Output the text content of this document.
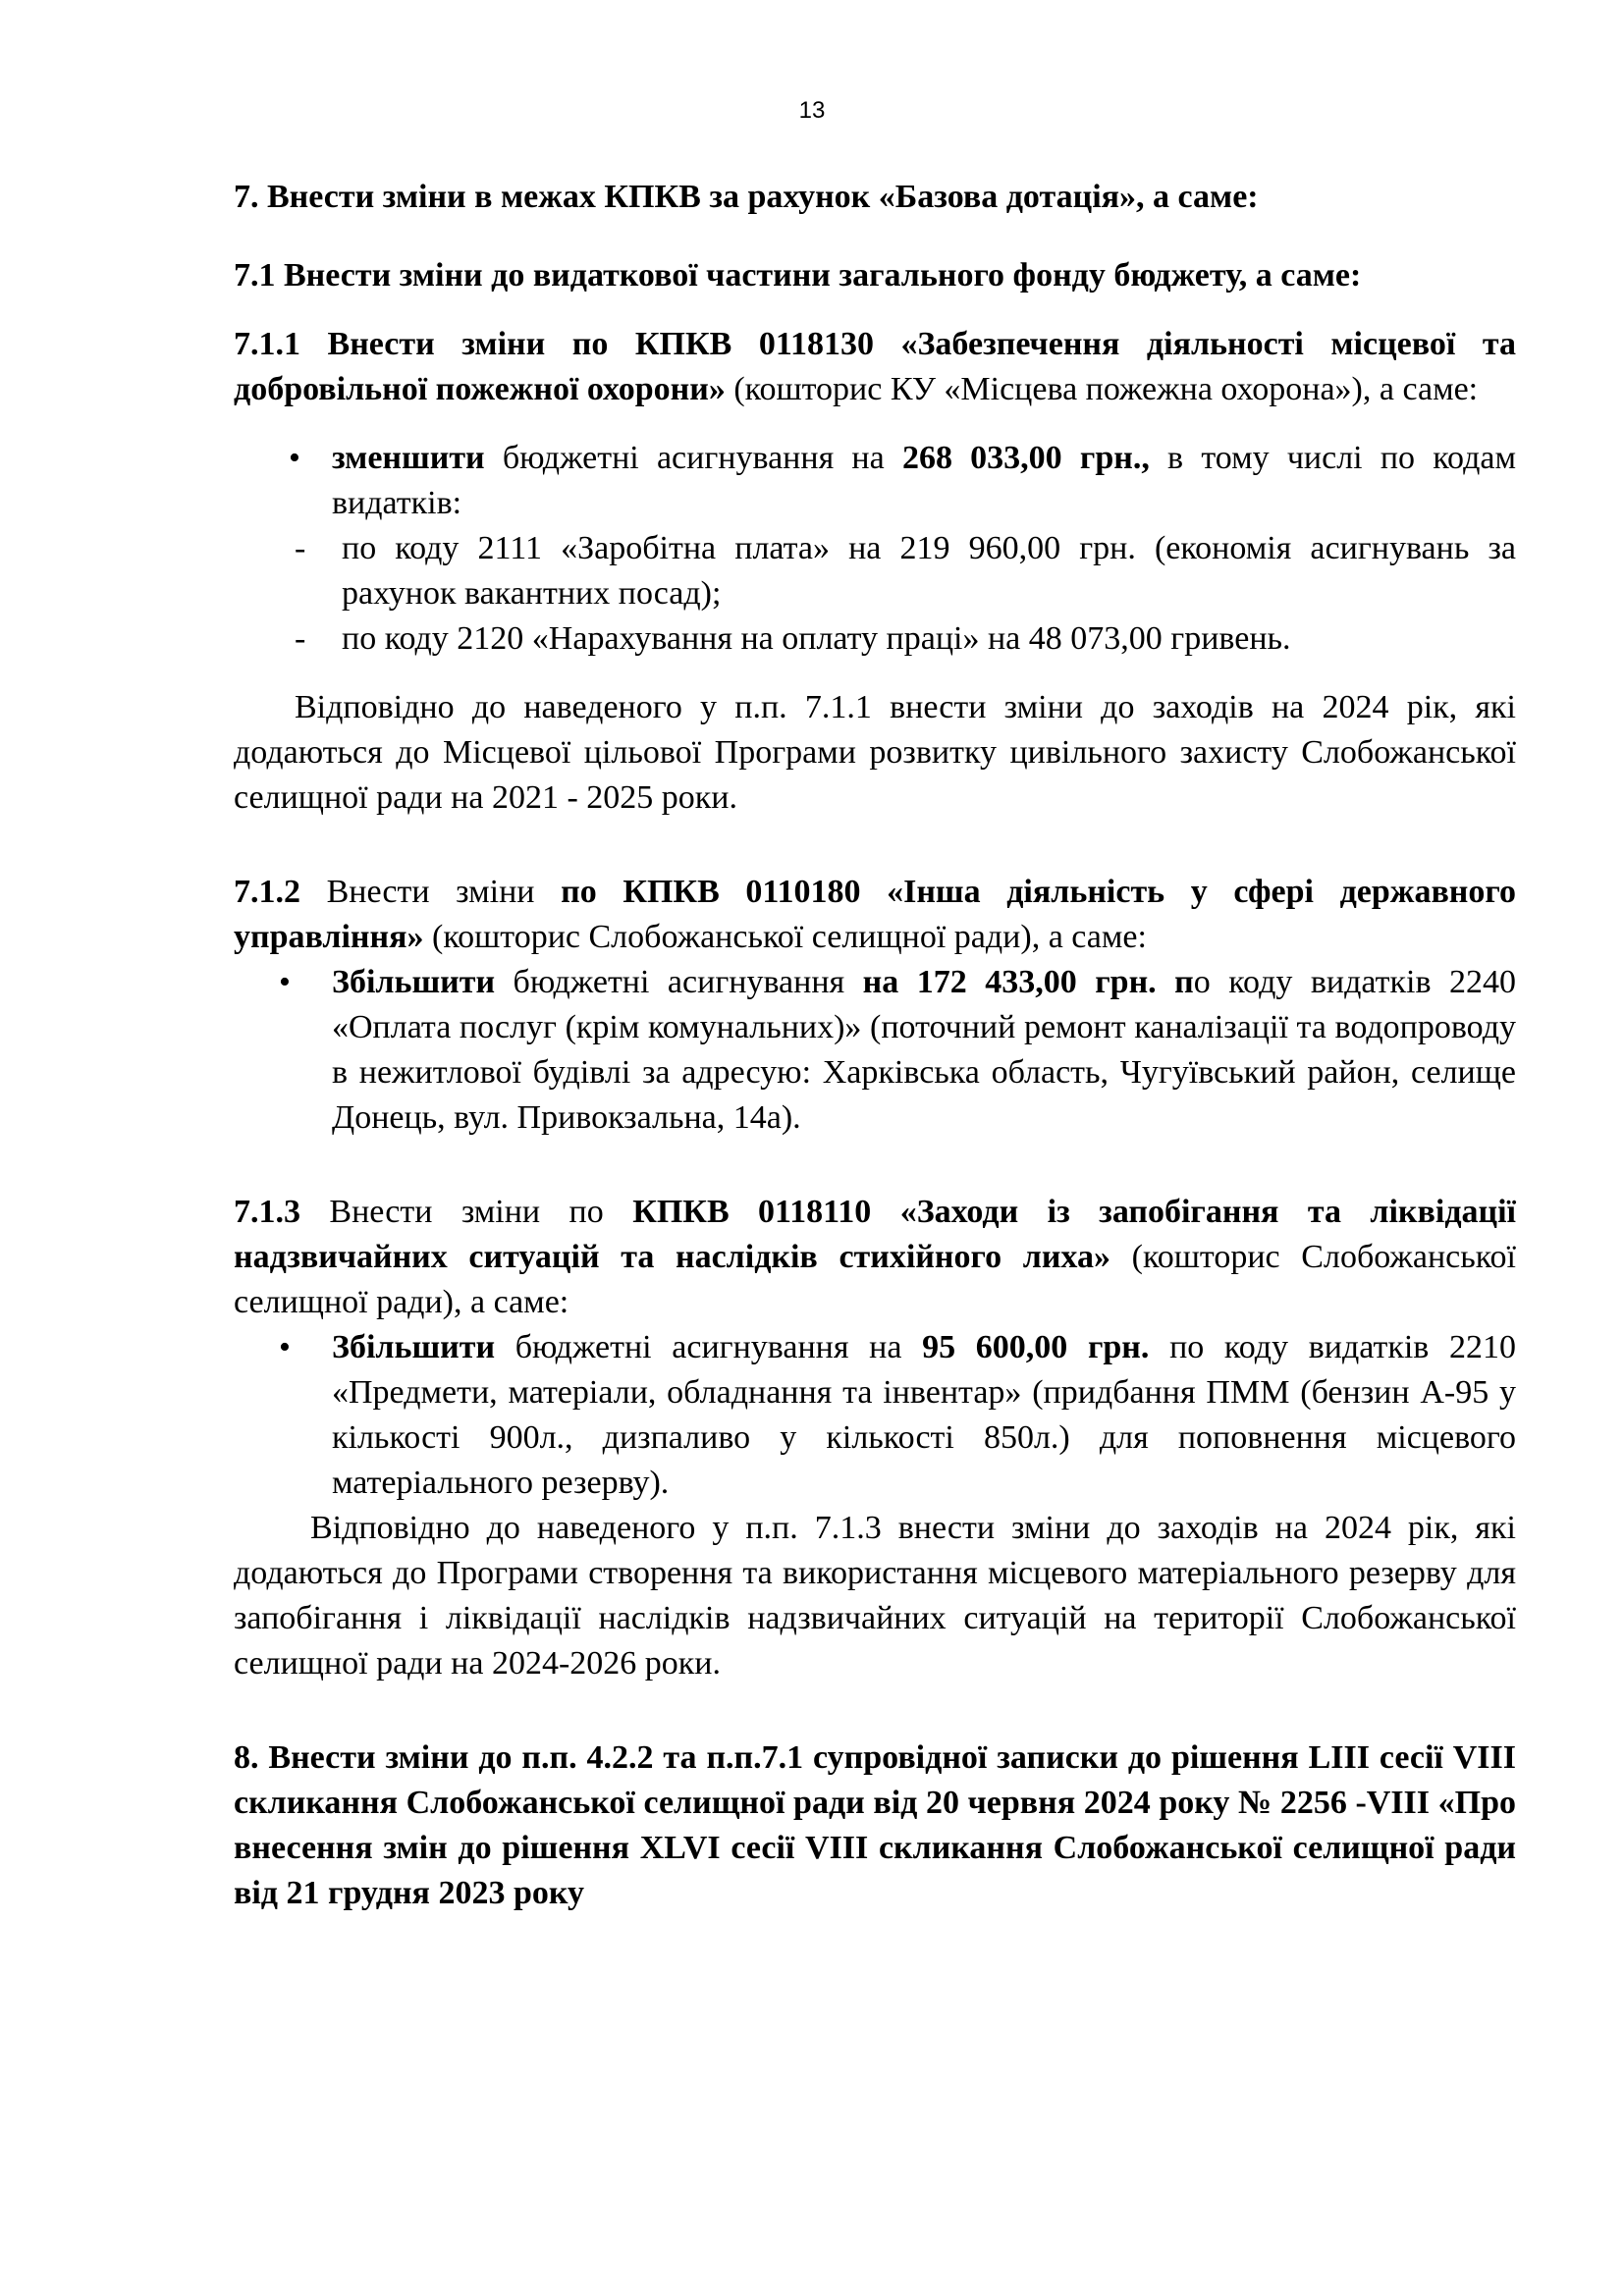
13

7. Внести зміни в межах КПКВ за рахунок «Базова дотація», а саме:

7.1 Внести зміни до видаткової частини загального фонду бюджету, а саме:

7.1.1 Внести зміни по КПКВ 0118130 «Забезпечення діяльності місцевої та добровільної пожежної охорони» (кошторис КУ «Місцева пожежна охорона»), а саме:

• зменшити бюджетні асигнування на 268 033,00 грн., в тому числі по кодам видатків:
- по коду 2111 «Заробітна плата» на 219 960,00 грн. (економія асигнувань за рахунок вакантних посад);
- по коду 2120 «Нарахування на оплату праці» на 48 073,00 гривень.

Відповідно до наведеного у п.п. 7.1.1 внести зміни до заходів на 2024 рік, які додаються до Місцевої цільової Програми розвитку цивільного захисту Слобожанської селищної ради на 2021 - 2025 роки.

7.1.2 Внести зміни по КПКВ 0110180 «Інша діяльність у сфері державного управління» (кошторис Слобожанської селищної ради), а саме:

• Збільшити бюджетні асигнування на 172 433,00 грн. по коду видатків 2240 «Оплата послуг (крім комунальних)» (поточний ремонт каналізації та водопроводу в нежитлової будівлі за адресую: Харківська область, Чугуївський район, селище Донець, вул. Привокзальна, 14а).

7.1.3 Внести зміни по КПКВ 0118110 «Заходи із запобігання та ліквідації надзвичайних ситуацій та наслідків стихійного лиха» (кошторис Слобожанської селищної ради), а саме:

• Збільшити бюджетні асигнування на 95 600,00 грн. по коду видатків 2210 «Предмети, матеріали, обладнання та інвентар» (придбання ПММ (бензин А-95 у кількості 900л., дизпаливо у кількості 850л.) для поповнення місцевого матеріального резерву).

Відповідно до наведеного у п.п. 7.1.3 внести зміни до заходів на 2024 рік, які додаються до Програми створення та використання місцевого матеріального резерву для запобігання і ліквідації наслідків надзвичайних ситуацій на території Слобожанської селищної ради на 2024-2026 роки.

8. Внести зміни до п.п. 4.2.2 та п.п.7.1 супровідної записки до рішення LIII сесії VIII скликання Слобожанської селищної ради від 20 червня 2024 року № 2256 -VIII «Про внесення змін до рішення XLVI сесії VIII скликання Слобожанської селищної ради від 21 грудня 2023 року
